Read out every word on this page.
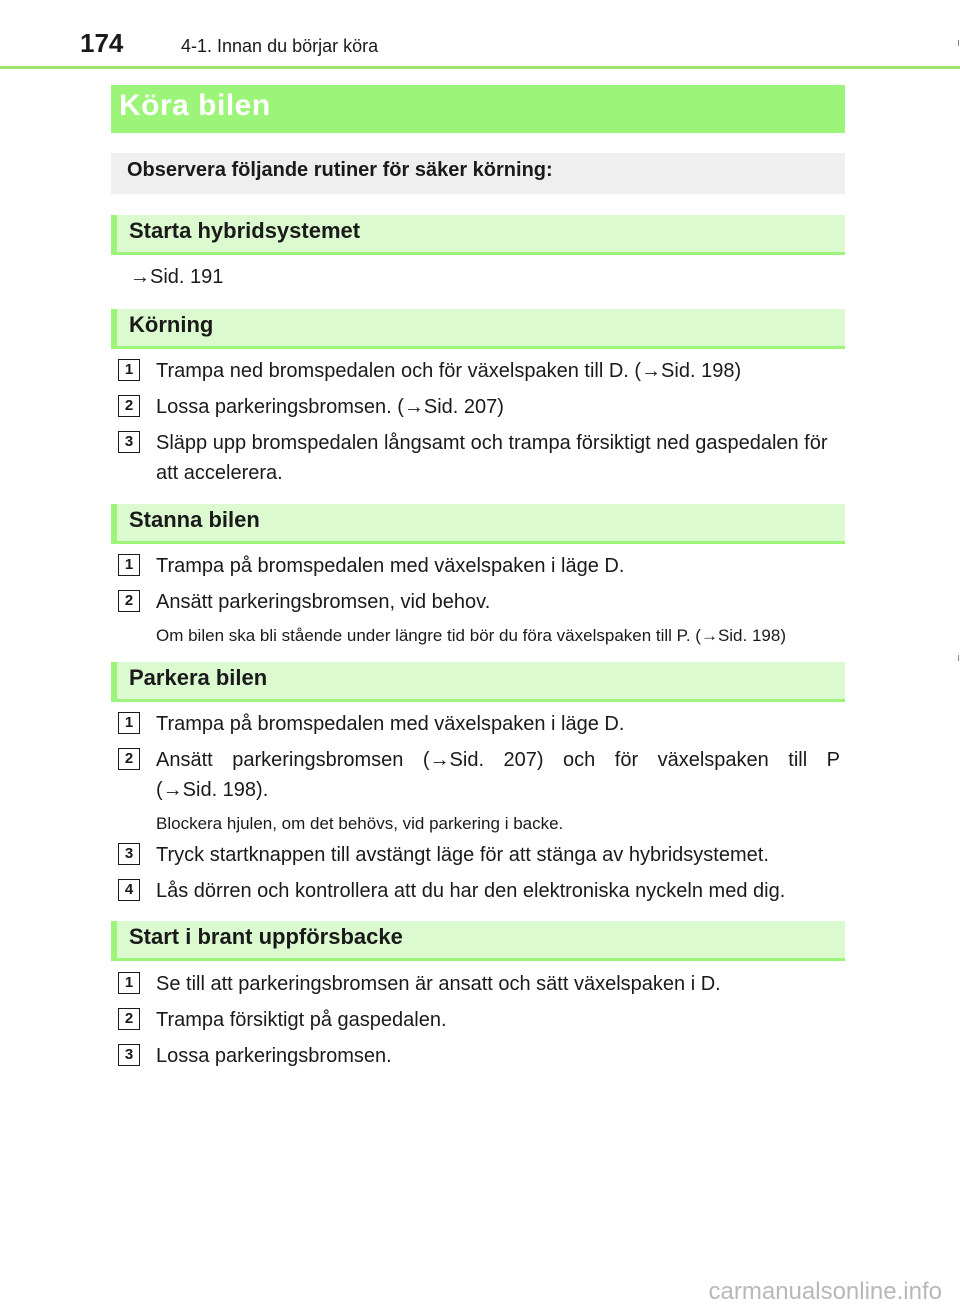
174	4-1. Innan du börjar köra
Köra bilen
Observera följande rutiner för säker körning:
Starta hybridsystemet
→Sid. 191
Körning
1	Trampa ned bromspedalen och för växelspaken till D. (→Sid. 198)
2	Lossa parkeringsbromsen. (→Sid. 207)
3	Släpp upp bromspedalen långsamt och trampa försiktigt ned gaspedalen för
att accelerera.
Stanna bilen
1	Trampa på bromspedalen med växelspaken i läge D.
2	Ansätt parkeringsbromsen, vid behov.
Om bilen ska bli stående under längre tid bör du föra växelspaken till P. (→Sid. 198)
Parkera bilen
1	Trampa på bromspedalen med växelspaken i läge D.
2	Ansätt parkeringsbromsen (→Sid. 207) och för växelspaken till P
(→Sid. 198).
Blockera hjulen, om det behövs, vid parkering i backe.
3	Tryck startknappen till avstängt läge för att stänga av hybridsystemet.
4	Lås dörren och kontrollera att du har den elektroniska nyckeln med dig.
Start i brant uppförsbacke
1	Se till att parkeringsbromsen är ansatt och sätt växelspaken i D.
2	Trampa försiktigt på gaspedalen.
3	Lossa parkeringsbromsen.
carmanualsonline.info
